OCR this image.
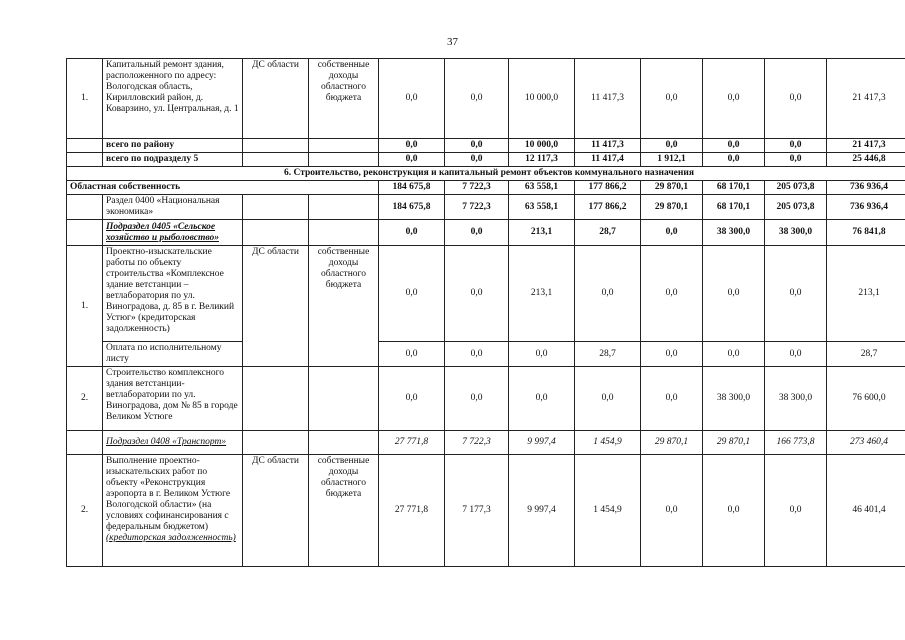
37
1.	Капитальный ремонт здания, расположенного по адресу: Вологодская область, Кирилловский район, д. Коварзино, ул. Центральная, д. 1	ДС области	собственные доходы областного бюджета	0,0	0,0	10 000,0	11 417,3	0,0	0,0	0,0	21 417,3
	всего по району			0,0	0,0	10 000,0	11 417,3	0,0	0,0	0,0	21 417,3
	всего по подразделу 5			0,0	0,0	12 117,3	11 417,4	1 912,1	0,0	0,0	25 446,8
6. Строительство, реконструкция и капитальный ремонт объектов коммунального назначения											
Областная собственность				184 675,8	7 722,3	63 558,1	177 866,2	29 870,1	68 170,1	205 073,8	736 936,4
	Раздел 0400 «Национальная экономика»			184 675,8	7 722,3	63 558,1	177 866,2	29 870,1	68 170,1	205 073,8	736 936,4
	Подраздел 0405 «Сельское хозяйство и рыболовство»			0,0	0,0	213,1	28,7	0,0	38 300,0	38 300,0	76 841,8
1.	Проектно-изыскательские работы по объекту строительства «Комплексное здание ветстанции – ветлаборатория по ул. Виноградова, д. 85 в г. Великий Устюг» (кредиторская задолженность)	ДС области	собственные доходы областного бюджета	0,0	0,0	213,1	0,0	0,0	0,0	0,0	213,1
	Оплата по исполнительному листу			0,0	0,0	0,0	28,7	0,0	0,0	0,0	28,7
2.	Строительство комплексного здания ветстанции-ветлаборатории по ул. Виноградова, дом № 85 в городе Великом Устюге			0,0	0,0	0,0	0,0	0,0	38 300,0	38 300,0	76 600,0
	Подраздел 0408 «Транспорт»			27 771,8	7 722,3	9 997,4	1 454,9	29 870,1	29 870,1	166 773,8	273 460,4
2.	Выполнение проектно-изыскательских работ по объекту «Реконструкция аэропорта в г. Великом Устюге Вологодской области» (на условиях софинансирования с федеральным бюджетом) (кредиторская задолженность)	ДС области	собственные доходы областного бюджета	27 771,8	7 177,3	9 997,4	1 454,9	0,0	0,0	0,0	46 401,4
